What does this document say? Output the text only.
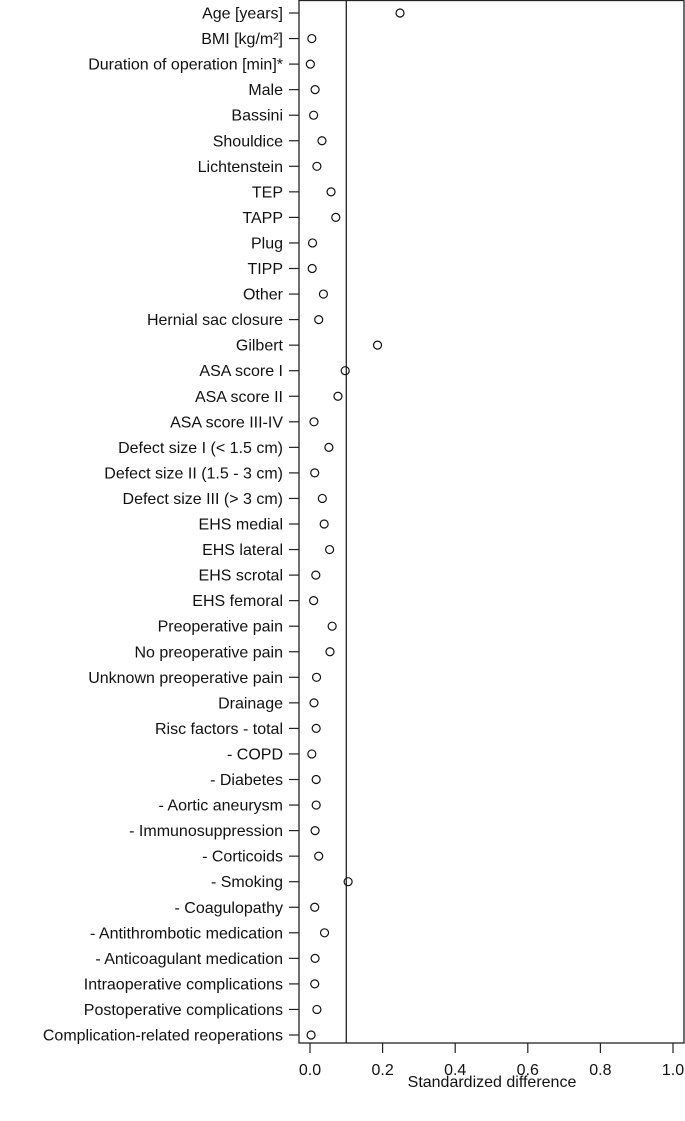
Age [years]
BMI [kg/m²]
Duration of operation [min]*
Male
Bassini
Shouldice
Lichtenstein
TEP
TAPP
Plug
TIPP
Other
Hernial sac closure
Gilbert
ASA score I
ASA score II
ASA score III-IV
Defect size I (< 1.5 cm)
Defect size II (1.5 - 3 cm)
Defect size III (> 3 cm)
EHS medial
EHS lateral
EHS scrotal
EHS femoral
Preoperative pain
No preoperative pain
Unknown preoperative pain
Drainage
Risc factors - total
- COPD
- Diabetes
- Aortic aneurysm
- Immunosuppression
- Corticoids
- Smoking
- Coagulopathy
- Antithrombotic medication
- Anticoagulant medication
Intraoperative complications
Postoperative complications
Complication-related reoperations
0.0	0.2	0.4	0.6	0.8	1.0
Standardized difference
